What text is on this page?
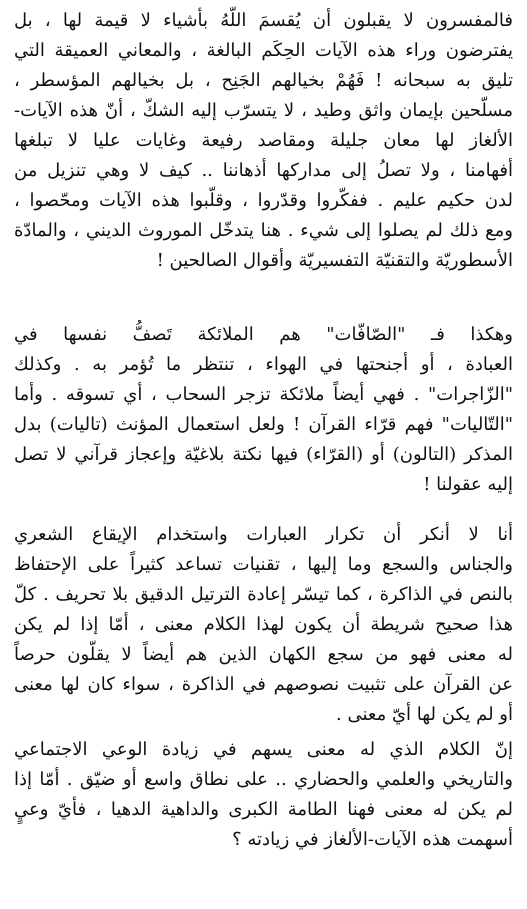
فالمفسرون لا يقبلون أن يُقسمَ اللّهُ بأشياء لا قيمة لها ، بل
يفترضون وراء هذه الآيات الحِكَم البالغة ، والمعاني العميقة التي
تليق به سبحانه ! فَهُمْ بخيالهم الجَنِح ، بل بخيالهم المؤسطر ،
مسلّحين بإيمان واثق وطيد ، لا يتسرّب إليه الشكّ ، أنّ هذه الآيات-
الألغاز لها معان جليلة ومقاصد رفيعة وغايات عليا لا تبلغها
أفهامنا ، ولا تصلُ إلى مداركها أذهاننا .. كيف لا وهي تنزيل من
لدن حكيم عليم . ففكّروا وقدّروا ، وقلّبوا هذه الآيات ومحّصوا ،
ومع ذلك لم يصلوا إلى شيء . هنا يتدخّل الموروث الديني ، والمادّة
الأسطوريّة والتقنيّة التفسيريّة وأقوال الصالحين !
وهكذا فـ "الصّافّات" هم الملائكة تَصفُّ نفسها في
العبادة ، أو أجنحتها في الهواء ، تنتظر ما تُؤمر به . وكذلك
"الزّاجرات" . فهي أيضاً ملائكة تزجر السحاب ، أي تسوقه . وأما
"التّاليات" فهم قرّاء القرآن ! ولعل استعمال المؤنث (تاليات) بدل
المذكر (التالون) أو (القرّاء) فيها نكتة بلاغيّة وإعجاز قرآني لا تصل
إليه عقولنا !
أنا لا أنكر أن تكرار العبارات واستخدام الإيقاع الشعري
والجناس والسجع وما إليها ، تقنيات تساعد كثيراً على الإحتفاظ
بالنص في الذاكرة ، كما تيسّر إعادة الترتيل الدقيق بلا تحريف . كلّ
هذا صحيح شريطة أن يكون لهذا الكلام معنى ، أمّا إذا لم يكن
له معنى فهو من سجع الكهان الذين هم أيضاً لا يقلّون حرصاً
عن القرآن على تثبيت نصوصهم في الذاكرة ، سواء كان لها معنى
أو لم يكن لها أيّ معنى .
إنّ الكلام الذي له معنى يسهم في زيادة الوعي الاجتماعي
والتاريخي والعلمي والحضاري .. على نطاق واسع أو ضيّق . أمّا إذا
لم يكن له معنى فهنا الطامة الكبرى والداهية الدهيا ، فأيّ وعيٍ
أسهمت هذه الآيات-الألغاز في زيادته ؟
